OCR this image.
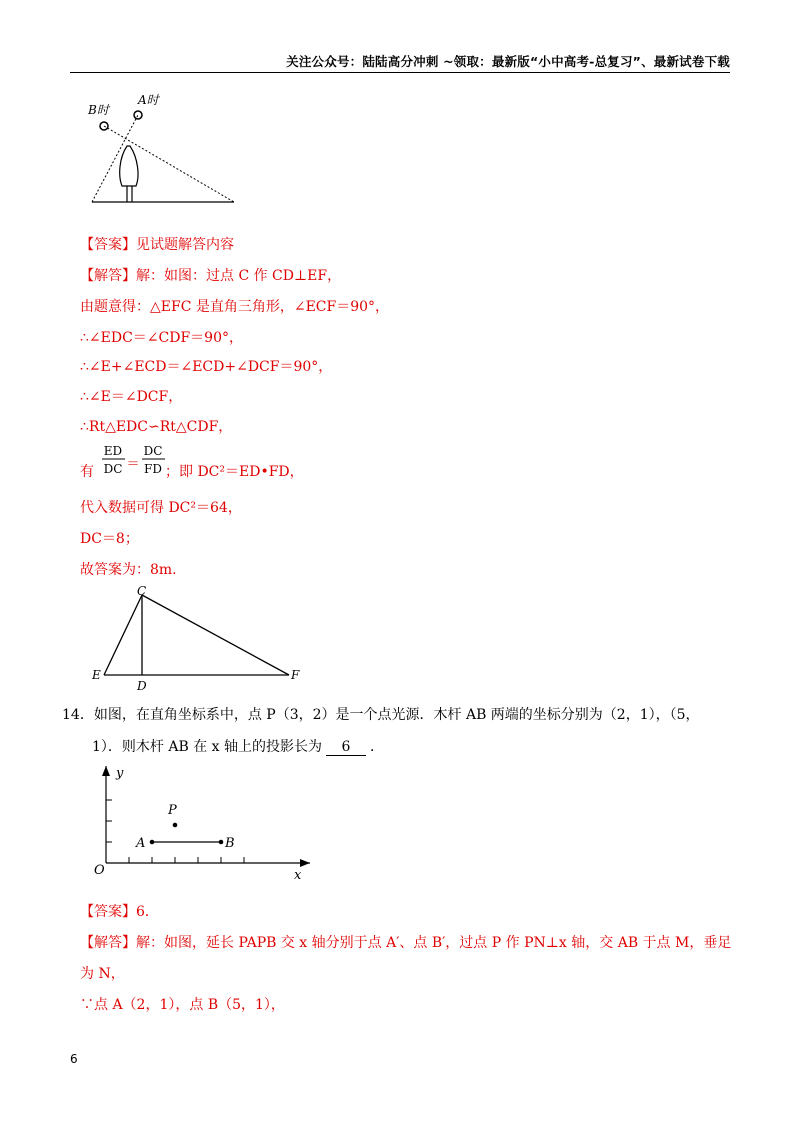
关注公众号：陆陆高分冲刺 ~领取：最新版“小中高考-总复习”、最新试卷下载
B时
A时
【答案】见试题解答内容
【解答】解：如图：过点 C 作 CD⊥EF，
由题意得：△EFC 是直角三角形，∠ECF＝90°，
∴∠EDC＝∠CDF＝90°，
∴∠E+∠ECD＝∠ECD+∠DCF＝90°，
∴∠E＝∠DCF，
∴Rt△EDC∽Rt△CDF，
有
ED
DC ＝
DC
FD ；即 DC²＝ED•FD，
代入数据可得 DC²＝64，
DC＝8；
故答案为：8m.
C
E
D
F
14．如图，在直角坐标系中，点 P（3，2）是一个点光源．木杆 AB 两端的坐标分别为（2，1），（5，
1）．则木杆 AB 在 x 轴上的投影长为 6 ．
y
x
O
P
A	B
【答案】6．
【解答】解：如图，延长 PAPB 交 x 轴分别于点 A′、点 B′，过点 P 作 PN⊥x 轴，交 AB 于点 M，垂足
为 N，
∵点 A（2，1），点 B（5，1），
6
